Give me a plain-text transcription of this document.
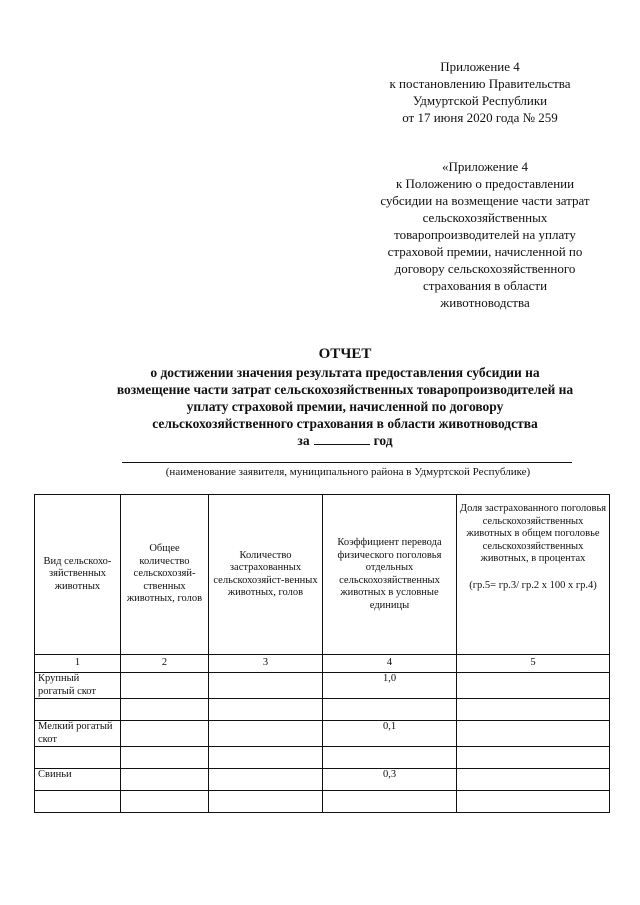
Приложение 4
к постановлению Правительства
Удмуртской Республики
от 17 июня 2020 года № 259
«Приложение 4
к Положению о предоставлении
субсидии на возмещение части затрат
сельскохозяйственных
товаропроизводителей на уплату
страховой премии, начисленной по
договору сельскохозяйственного
страхования в области
животноводства
ОТЧЕТ
о достижении значения результата предоставления субсидии на
возмещение части затрат сельскохозяйственных товаропроизводителей на
уплату страховой премии, начисленной по договору
сельскохозяйственного страхования в области животноводства
за	год
(наименование заявителя, муниципального района в Удмуртской Республике)
Вид сельскохо-зяйственных животных	Общее количество сельскохозяй-ственных животных, голов	Количество застрахованных сельскохозяйст-венных животных, голов	Коэффициент перевода физического поголовья отдельных сельскохозяйственных животных в условные единицы	Доля застрахованного поголовья сельскохозяйственных животных в общем поголовье сельскохозяйственных животных, в процентах
(гр.5= гр.3/ гр.2 х 100 х гр.4)

1	2	3	4	5
Крупный рогатый скот			1,0	

Мелкий рогатый скот			0,1	

Свиньи			0,3	
